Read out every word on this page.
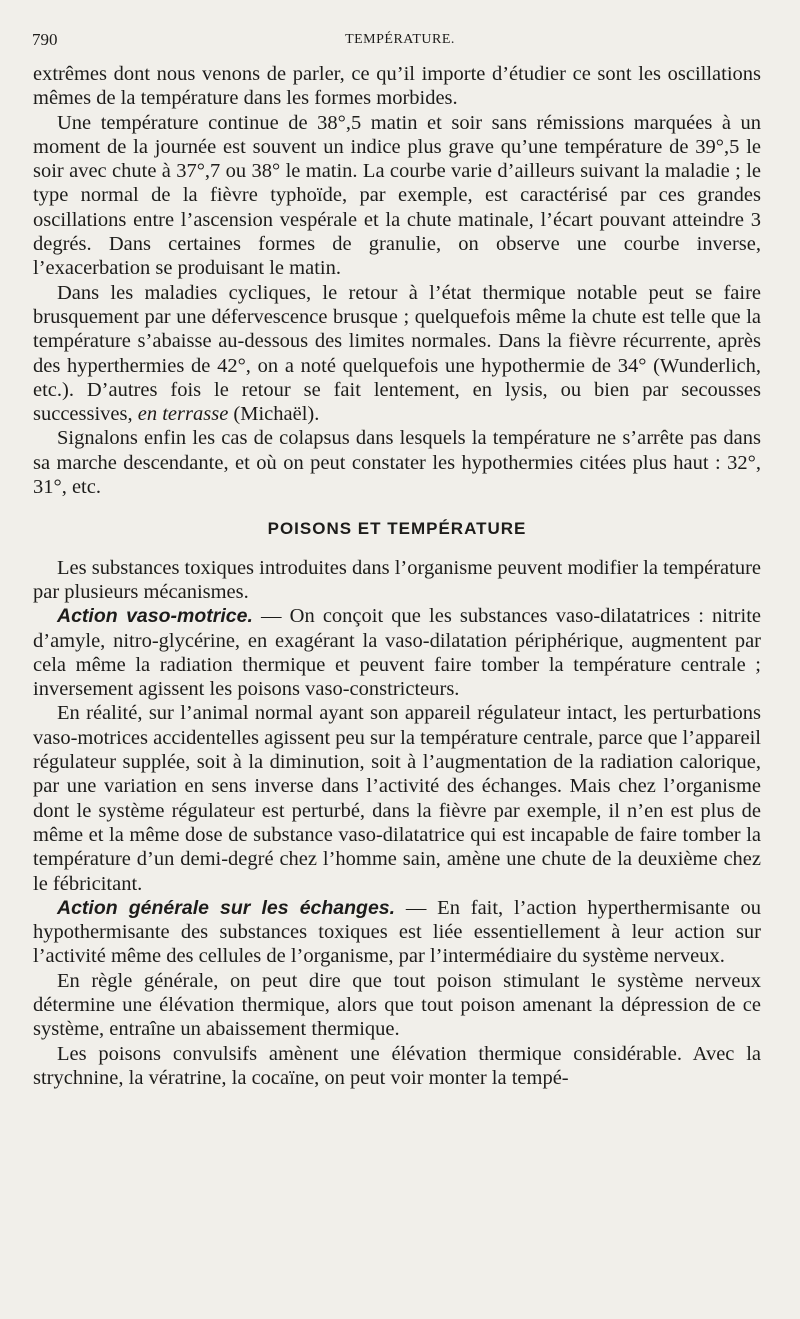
790	TEMPÉRATURE.

extrêmes dont nous venons de parler, ce qu’il importe d’étudier ce sont les oscillations mêmes de la température dans les formes morbides.

Une température continue de 38°,5 matin et soir sans rémissions marquées à un moment de la journée est souvent un indice plus grave qu’une température de 39°,5 le soir avec chute à 37°,7 ou 38° le matin. La courbe varie d’ailleurs suivant la maladie ; le type normal de la fièvre typhoïde, par exemple, est caractérisé par ces grandes oscillations entre l’ascension vespérale et la chute matinale, l’écart pouvant atteindre 3 degrés. Dans certaines formes de granulie, on observe une courbe inverse, l’exacerbation se produisant le matin.

Dans les maladies cycliques, le retour à l’état thermique notable peut se faire brusquement par une défervescence brusque ; quelquefois même la chute est telle que la température s’abaisse au-dessous des limites normales. Dans la fièvre récurrente, après des hyperthermies de 42°, on a noté quelquefois une hypothermie de 34° (Wunderlich, etc.). D’autres fois le retour se fait lentement, en lysis, ou bien par secousses successives, en terrasse (Michaël).

Signalons enfin les cas de colapsus dans lesquels la température ne s’arrête pas dans sa marche descendante, et où on peut constater les hypothermies citées plus haut : 32°, 31°, etc.

POISONS ET TEMPÉRATURE

Les substances toxiques introduites dans l’organisme peuvent modifier la température par plusieurs mécanismes.

Action vaso-motrice. — On conçoit que les substances vaso-dilatatrices : nitrite d’amyle, nitro-glycérine, en exagérant la vaso-dilatation périphérique, augmentent par cela même la radiation thermique et peuvent faire tomber la température centrale ; inversement agissent les poisons vaso-constricteurs.

En réalité, sur l’animal normal ayant son appareil régulateur intact, les perturbations vaso-motrices accidentelles agissent peu sur la température centrale, parce que l’appareil régulateur supplée, soit à la diminution, soit à l’augmentation de la radiation calorique, par une variation en sens inverse dans l’activité des échanges. Mais chez l’organisme dont le système régulateur est perturbé, dans la fièvre par exemple, il n’en est plus de même et la même dose de substance vaso-dilatatrice qui est incapable de faire tomber la température d’un demi-degré chez l’homme sain, amène une chute de la deuxième chez le fébricitant.

Action générale sur les échanges. — En fait, l’action hyperthermisante ou hypothermisante des substances toxiques est liée essentiellement à leur action sur l’activité même des cellules de l’organisme, par l’intermédiaire du système nerveux.

En règle générale, on peut dire que tout poison stimulant le système nerveux détermine une élévation thermique, alors que tout poison amenant la dépression de ce système, entraîne un abaissement thermique.

Les poisons convulsifs amènent une élévation thermique considérable. Avec la strychnine, la vératrine, la cocaïne, on peut voir monter la tempé-
